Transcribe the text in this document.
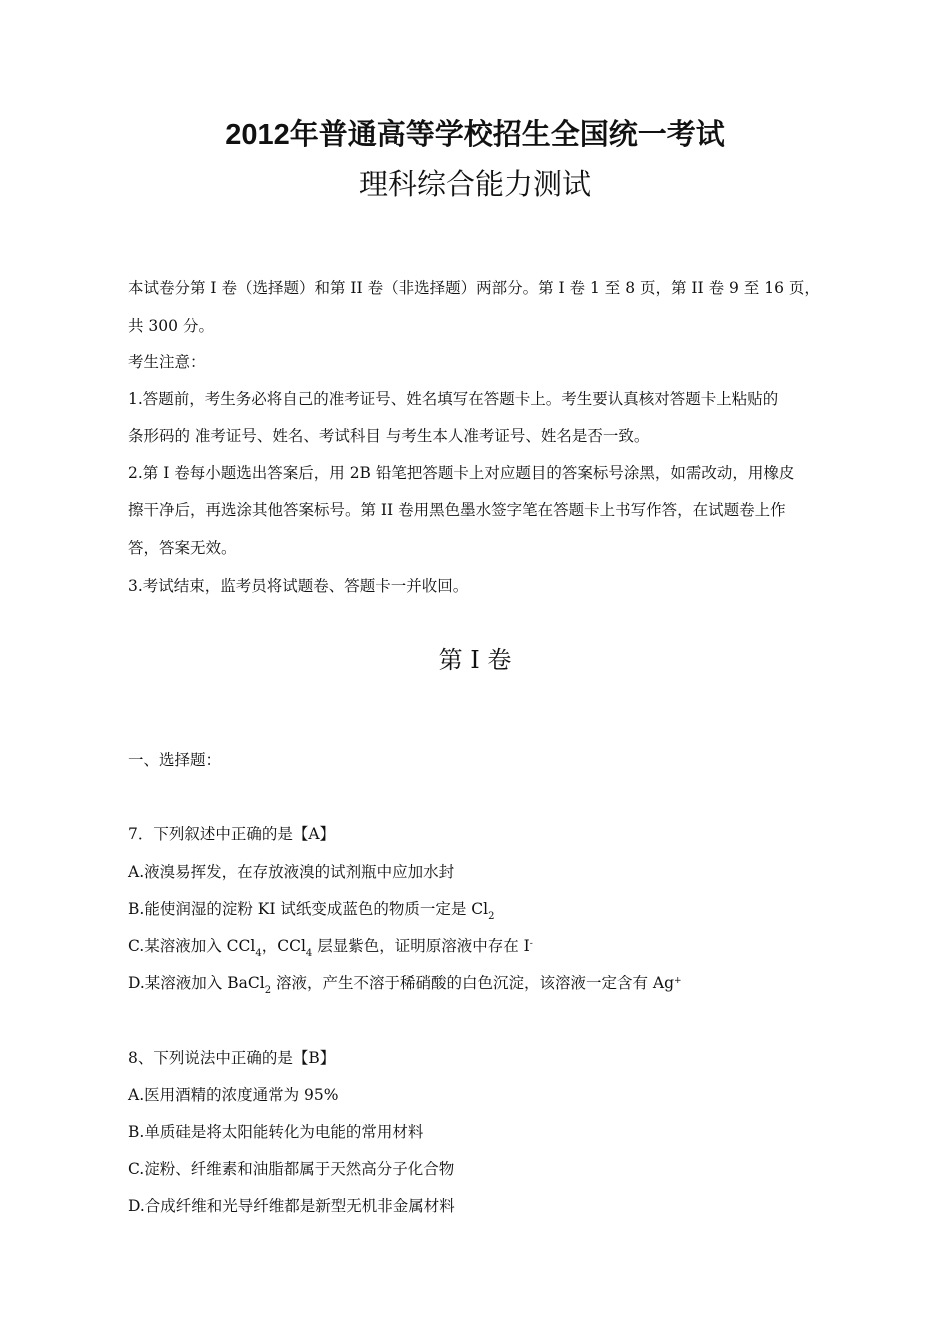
2012年普通高等学校招生全国统一考试
理科综合能力测试
本试卷分第 I 卷（选择题）和第 II 卷（非选择题）两部分。第 I 卷 1 至 8 页，第 II 卷 9 至 16 页，
共 300 分。
考生注意：
1.答题前，考生务必将自己的准考证号、姓名填写在答题卡上。考生要认真核对答题卡上粘贴的
条形码的 准考证号、姓名、考试科目 与考生本人准考证号、姓名是否一致。
2.第 I 卷每小题选出答案后，用 2B 铅笔把答题卡上对应题目的答案标号涂黑，如需改动，用橡皮
擦干净后，再选涂其他答案标号。第 II 卷用黑色墨水签字笔在答题卡上书写作答，在试题卷上作
答，答案无效。
3.考试结束，监考员将试题卷、答题卡一并收回。
第 I 卷
一、选择题：
7．下列叙述中正确的是【A】
A.液溴易挥发，在存放液溴的试剂瓶中应加水封
B.能使润湿的淀粉 KI 试纸变成蓝色的物质一定是 $Cl_2$
C.某溶液加入 CCl$_4$，CCl$_4$ 层显紫色，证明原溶液中存在 I-
D.某溶液加入 BaCl$_2$ 溶液，产生不溶于稀硝酸的白色沉淀，该溶液一定含有 Ag+
8、下列说法中正确的是【B】
A.医用酒精的浓度通常为 95%
B.单质硅是将太阳能转化为电能的常用材料
C.淀粉、纤维素和油脂都属于天然高分子化合物
D.合成纤维和光导纤维都是新型无机非金属材料
